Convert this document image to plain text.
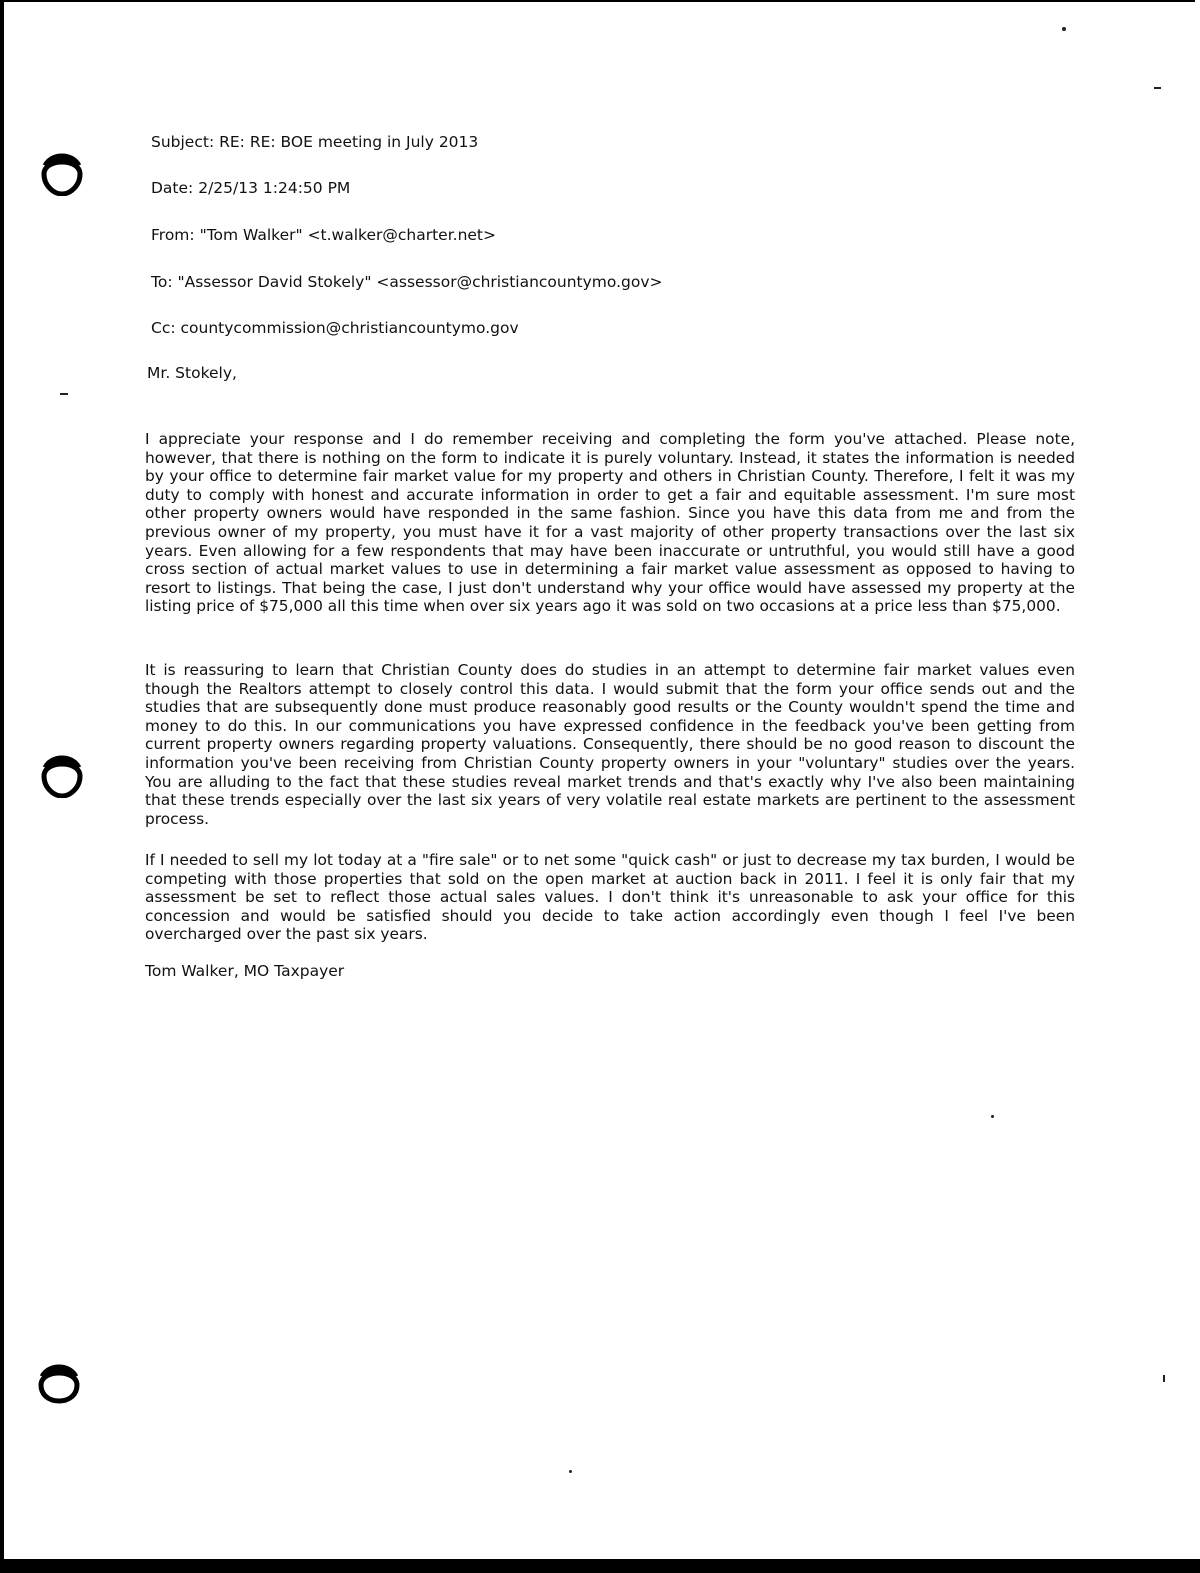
Subject: RE: RE: BOE meeting in July 2013
Date: 2/25/13 1:24:50 PM
From: "Tom Walker" <t.walker@charter.net>
To: "Assessor David Stokely" <assessor@christiancountymo.gov>
Cc: countycommission@christiancountymo.gov
Mr. Stokely,

I appreciate your response and I do remember receiving and completing the form you've attached. Please note, however, that there is nothing on the form to indicate it is purely voluntary. Instead, it states the information is needed by your office to determine fair market value for my property and others in Christian County. Therefore, I felt it was my duty to comply with honest and accurate information in order to get a fair and equitable assessment. I'm sure most other property owners would have responded in the same fashion. Since you have this data from me and from the previous owner of my property, you must have it for a vast majority of other property transactions over the last six years. Even allowing for a few respondents that may have been inaccurate or untruthful, you would still have a good cross section of actual market values to use in determining a fair market value assessment as opposed to having to resort to listings. That being the case, I just don't understand why your office would have assessed my property at the listing price of $75,000 all this time when over six years ago it was sold on two occasions at a price less than $75,000.

It is reassuring to learn that Christian County does do studies in an attempt to determine fair market values even though the Realtors attempt to closely control this data. I would submit that the form your office sends out and the studies that are subsequently done must produce reasonably good results or the County wouldn't spend the time and money to do this. In our communications you have expressed confidence in the feedback you've been getting from current property owners regarding property valuations. Consequently, there should be no good reason to discount the information you've been receiving from Christian County property owners in your "voluntary" studies over the years. You are alluding to the fact that these studies reveal market trends and that's exactly why I've also been maintaining that these trends especially over the last six years of very volatile real estate markets are pertinent to the assessment process.

If I needed to sell my lot today at a "fire sale" or to net some "quick cash" or just to decrease my tax burden, I would be competing with those properties that sold on the open market at auction back in 2011. I feel it is only fair that my assessment be set to reflect those actual sales values. I don't think it's unreasonable to ask your office for this concession and would be satisfied should you decide to take action accordingly even though I feel I've been overcharged over the past six years.

Tom Walker, MO Taxpayer
